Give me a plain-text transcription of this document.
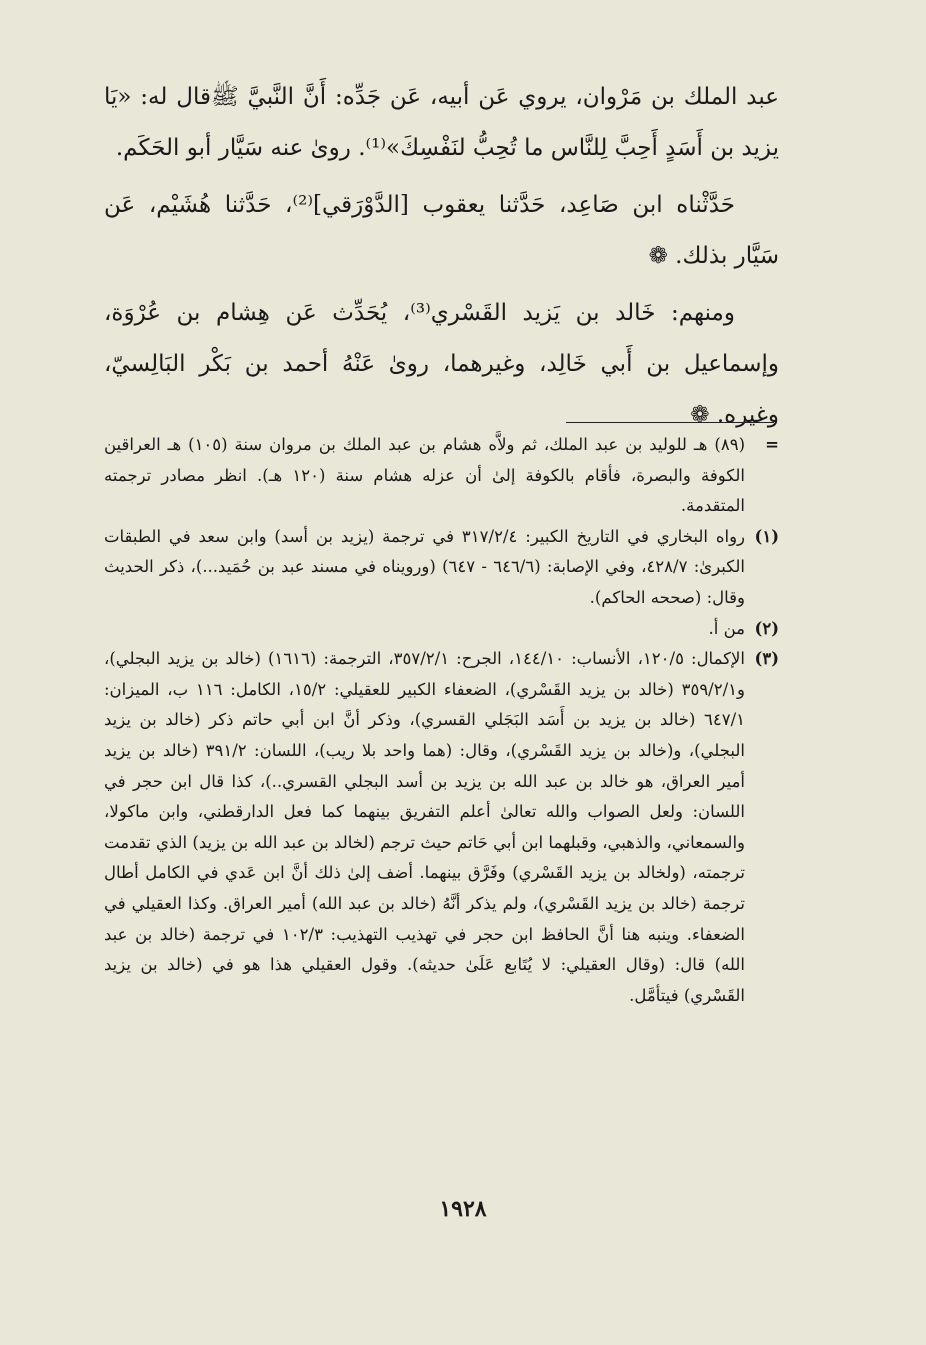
عبد الملك بن مَرْوان، يروي عَن أبيه، عَن جَدِّه: أَنَّ النَّبيَّ ﷺقال له: «يَا يزيد بن أَسَدٍ أَحِبَّ لِلنَّاس ما تُحِبُّ لنَفْسِكَ»⁽¹⁾. روىٰ عنه سَيَّار أبو الحَكَم.

حَدَّثْناه ابن صَاعِد، حَدَّثنا يعقوب [الدَّوْرَقي]⁽²⁾، حَدَّثنا هُشَيْم، عَن سَيَّار بذلك. ❁

ومنهم: خَالد بن يَزيد القَسْري⁽³⁾، يُحَدِّث عَن هِشام بن عُرْوَة، وإسماعيل بن أَبي خَالِد، وغيرهما، روىٰ عَنْهُ أحمد بن بَكْر البَالِسيّ، وغيره. ❁

=
(٨٩) هـ للوليد بن عبد الملك، ثم ولاَّه هشام بن عبد الملك بن مروان سنة (١٠٥) هـ العراقين الكوفة والبصرة، فأقام بالكوفة إلىٰ أن عزله هشام سنة (١٢٠ هـ). انظر مصادر ترجمته المتقدمة.
(١)
رواه البخاري في التاريخ الكبير: ٣١٧/٢/٤ في ترجمة (يزيد بن أسد) وابن سعد في الطبقات الكبرىٰ: ٤٢٨/٧، وفي الإصابة: (٦٤٦/٦ - ٦٤٧) (ورويناه في مسند عبد بن حُمَيد...)، ذكر الحديث وقال: (صححه الحاكم).
(٢)
من أ.
(٣)
الإكمال: ١٢٠/٥، الأنساب: ١٤٤/١٠، الجرح: ٣٥٧/٢/١، الترجمة: (١٦١٦) (خالد بن يزيد البجلي)، و٣٥٩/٢/١ (خالد بن يزيد القَسْري)، الضعفاء الكبير للعقيلي: ١٥/٢، الكامل: ١١٦ ب، الميزان: ٦٤٧/١ (خالد بن يزيد بن أَسَد البَجَلي القسري)، وذكر أنَّ ابن أبي حاتم ذكر (خالد بن يزيد البجلي)، و(خالد بن يزيد القَسْري)، وقال: (هما واحد بلا ريب)، اللسان: ٣٩١/٢ (خالد بن يزيد أمير العراق، هو خالد بن عبد الله بن يزيد بن أسد البجلي القسري..)، كذا قال ابن حجر في اللسان: ولعل الصواب والله تعالىٰ أعلم التفريق بينهما كما فعل الدارقطني، وابن ماكولا، والسمعاني، والذهبي، وقبلهما ابن أبي حَاتم حيث ترجم (لخالد بن عبد الله بن يزيد) الذي تقدمت ترجمته، (ولخالد بن يزيد القَسْري) وفَرَّق بينهما. أضف إلىٰ ذلك أنَّ ابن عَدي في الكامل أطال ترجمة (خالد بن يزيد القَسْري)، ولم يذكر أنَّهُ (خالد بن عبد الله) أمير العراق. وكذا العقيلي في الضعفاء. وينبه هنا أنَّ الحافظ ابن حجر في تهذيب التهذيب: ١٠٢/٣ في ترجمة (خالد بن عبد الله) قال: (وقال العقيلي: لا يُتَابع عَلَىٰ حديثه). وقول العقيلي هذا هو في (خالد بن يزيد القَسْري) فيتأمَّل.
١٩٢٨
